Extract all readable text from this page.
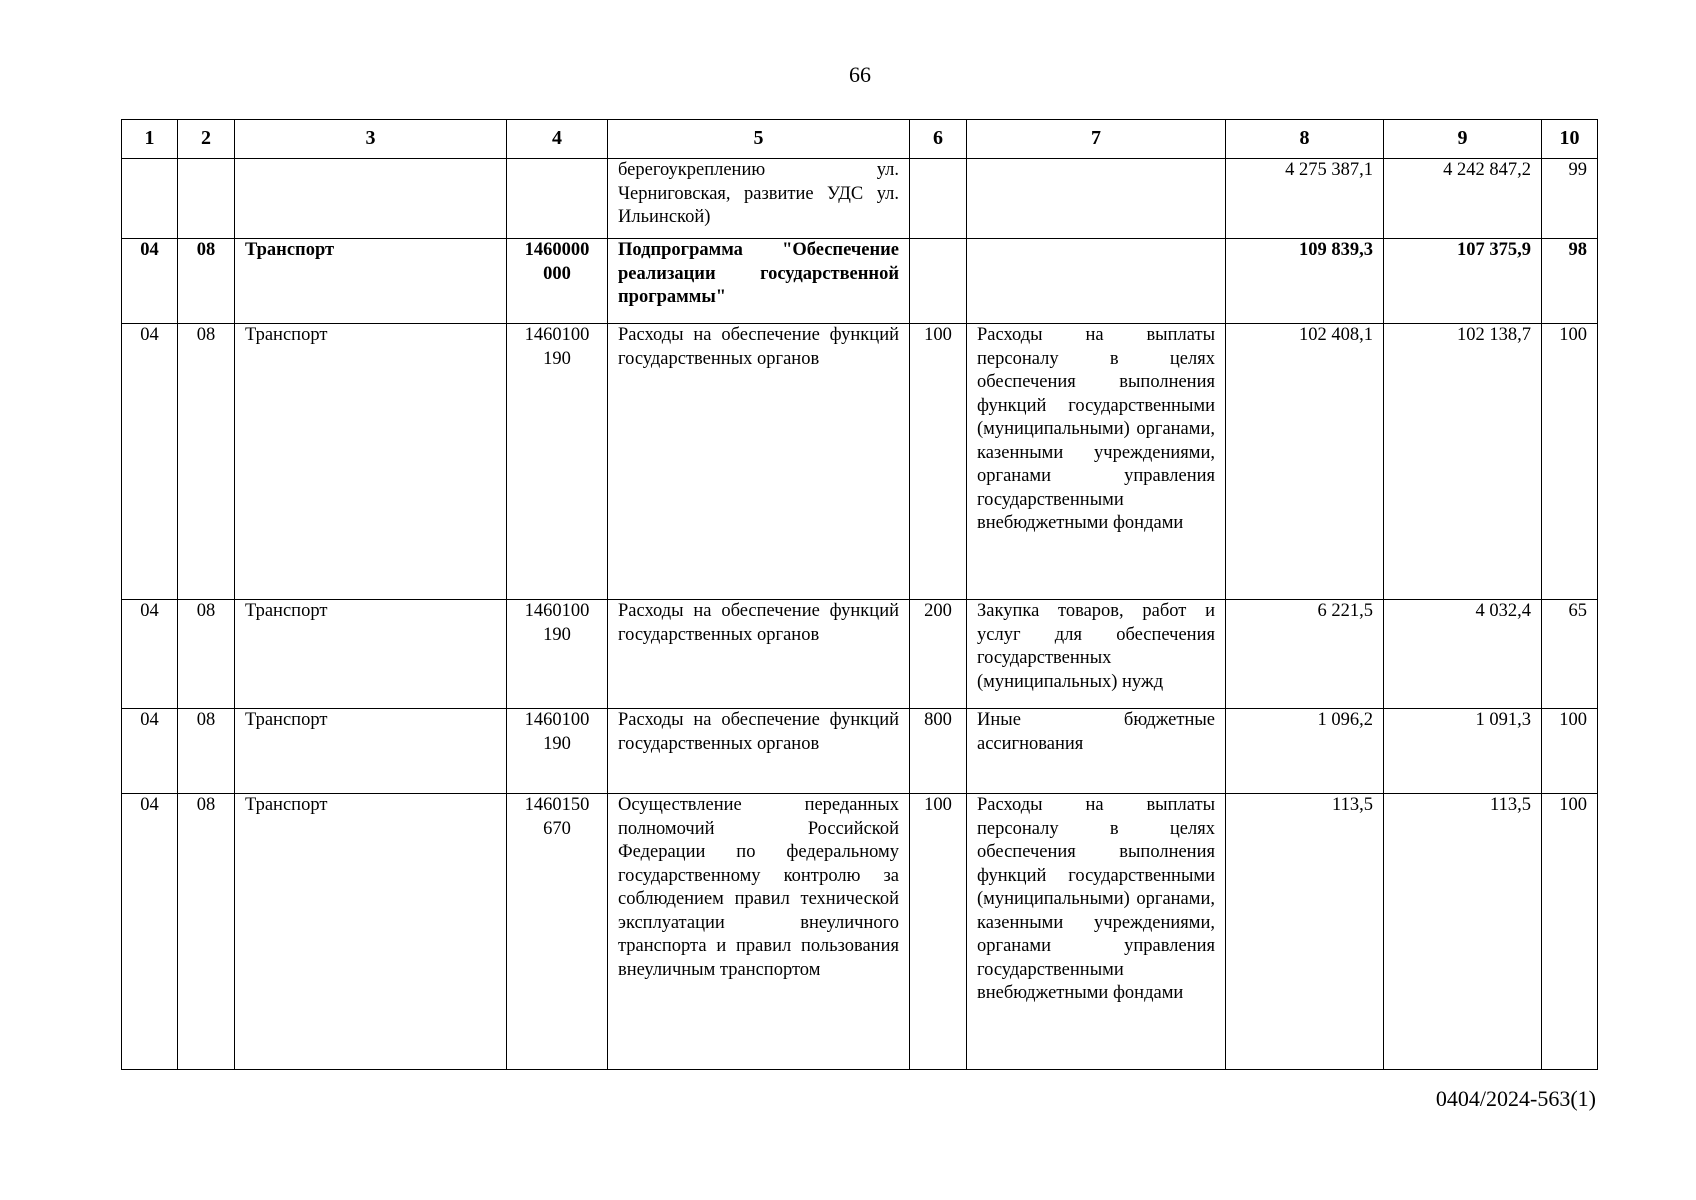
66
1	2	3	4	5	6	7	8	9	10
				берегоукреплению ул. Черниговская, развитие УДС ул. Ильинской)			4 275 387,1	4 242 847,2	99
04	08	Транспорт	1460000 000	Подпрограмма "Обеспечение реализации государственной программы"			109 839,3	107 375,9	98
04	08	Транспорт	1460100 190	Расходы на обеспечение функций государственных органов	100	Расходы на выплаты персоналу в целях обеспечения выполнения функций государственными (муниципальными) органами, казенными учреждениями, органами управления государственными внебюджетными фондами	102 408,1	102 138,7	100
04	08	Транспорт	1460100 190	Расходы на обеспечение функций государственных органов	200	Закупка товаров, работ и услуг для обеспечения государственных (муниципальных) нужд	6 221,5	4 032,4	65
04	08	Транспорт	1460100 190	Расходы на обеспечение функций государственных органов	800	Иные бюджетные ассигнования	1 096,2	1 091,3	100
04	08	Транспорт	1460150 670	Осуществление переданных полномочий Российской Федерации по федеральному государственному контролю за соблюдением правил технической эксплуатации внеуличного транспорта и правил пользования внеуличным транспортом	100	Расходы на выплаты персоналу в целях обеспечения выполнения функций государственными (муниципальными) органами, казенными учреждениями, органами управления государственными внебюджетными фондами	113,5	113,5	100
0404/2024-563(1)
